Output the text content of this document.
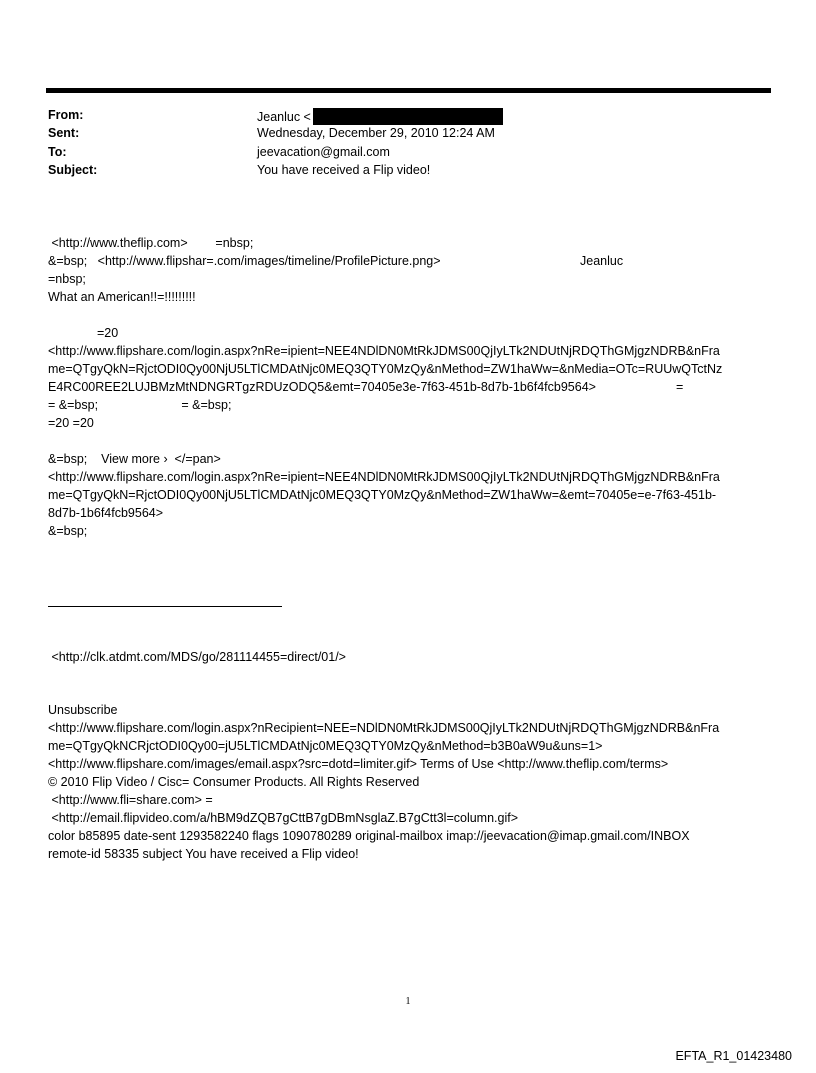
From:	Jeanluc <
Sent:	Wednesday, December 29, 2010 12:24 AM
To:	jeevacation@gmail.com
Subject:	You have received a Flip video!
<http://www.theflip.com>        =nbsp;
&=bsp;   <http://www.flipshar=.com/images/timeline/ProfilePicture.png>	Jeanluc
=nbsp;
What an American!!=!!!!!!!!!
=20
<http://www.flipshare.com/login.aspx?nRe=ipient=NEE4NDlDN0MtRkJDMS00QjIyLTk2NDUtNjRDQThGMjgzNDRB&nFra
me=QTgyQkN=RjctODI0Qy00NjU5LTlCMDAtNjc0MEQ3QTY0MzQy&nMethod=ZW1haWw=&nMedia=OTc=RUUwQTctNz
E4RC00REE2LUJBMzMtNDNGRTgzRDUzODQ5&emt=70405e3e-7f63-451b-8d7b-1b6f4fcb9564>	=
= &=bsp;                        = &=bsp;
=20 =20
&=bsp;    View more ›  </=pan>
<http://www.flipshare.com/login.aspx?nRe=ipient=NEE4NDlDN0MtRkJDMS00QjIyLTk2NDUtNjRDQThGMjgzNDRB&nFra
me=QTgyQkN=RjctODI0Qy00NjU5LTlCMDAtNjc0MEQ3QTY0MzQy&nMethod=ZW1haWw=&emt=70405e=e-7f63-451b-
8d7b-1b6f4fcb9564>
&=bsp;
<http://clk.atdmt.com/MDS/go/281114455=direct/01/>
Unsubscribe
<http://www.flipshare.com/login.aspx?nRecipient=NEE=NDlDN0MtRkJDMS00QjIyLTk2NDUtNjRDQThGMjgzNDRB&nFra
me=QTgyQkNCRjctODI0Qy00=jU5LTlCMDAtNjc0MEQ3QTY0MzQy&nMethod=b3B0aW9u&uns=1>
<http://www.flipshare.com/images/email.aspx?src=dotd=limiter.gif> Terms of Use <http://www.theflip.com/terms>
© 2010 Flip Video / Cisc= Consumer Products. All Rights Reserved
<http://www.fli=share.com> =
<http://email.flipvideo.com/a/hBM9dZQB7gCttB7gDBmNsglaZ.B7gCtt3l=column.gif>
color b85895 date-sent 1293582240 flags 1090780289 original-mailbox imap://jeevacation@imap.gmail.com/INBOX
remote-id 58335 subject You have received a Flip video!
1
EFTA_R1_01423480
